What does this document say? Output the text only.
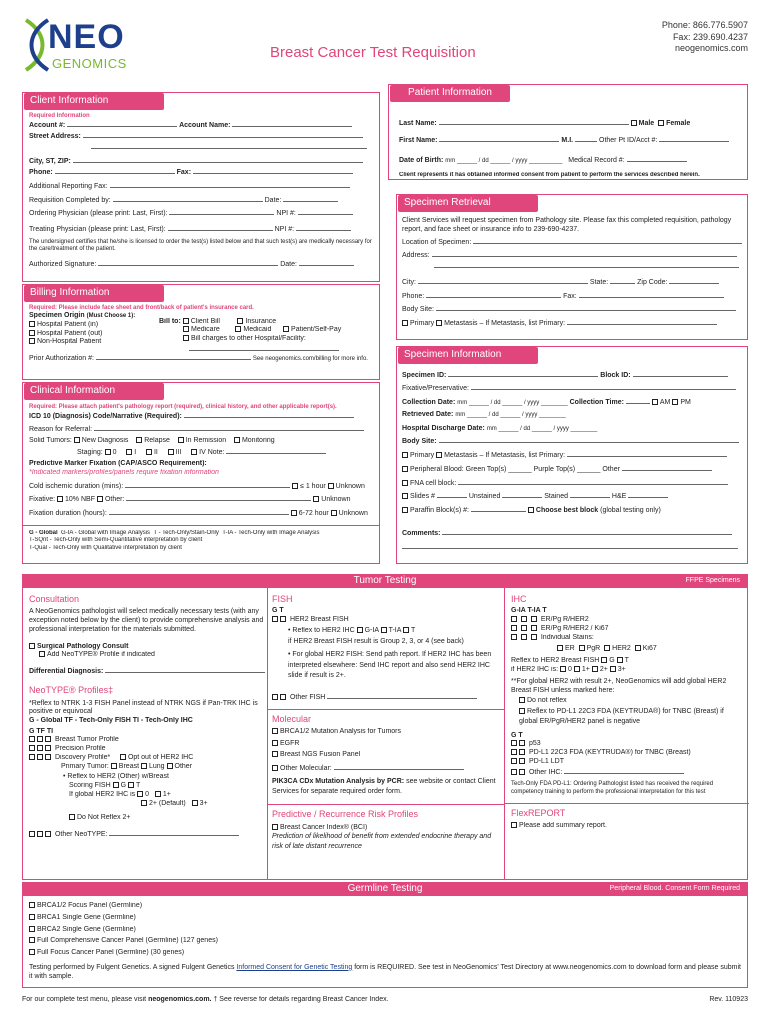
NEO
GENOMICS
Breast Cancer Test Requisition
Phone: 866.776.5907
Fax: 239.690.4237
neogenomics.com
Patient Information
Last Name:	Male Female
First Name:	M.I.	Other Pt ID/Acct #:
Date of Birth: mm ______ / dd ______ / yyyy __________ Medical Record #:
Client represents it has obtained informed consent from patient to perform the services described herein.
Client Information
Required Information
Account #:	Account Name:
Street Address:
City, ST, ZIP:
Phone:	Fax:
Additional Reporting Fax:
Requisition Completed by:	Date:
Ordering Physician (please print: Last, First):	NPI #:
Treating Physician (please print: Last, First):	NPI #:
The undersigned certifies that he/she is licensed to order the test(s) listed below and that such test(s) are medically necessary for the care/treatment of the patient.
Authorized Signature:	Date:
Specimen Retrieval
Client Services will request specimen from Pathology site. Please fax this completed requisition, pathology report, and face sheet or insurance info to 239-690-4237.
Location of Specimen:
Address:
City:	State:	Zip Code:
Phone:	Fax:
Body Site:
Primary Metastasis – If Metastasis, list Primary:
Billing Information
Required: Please include face sheet and front/back of patient's insurance card.
Specimen Origin (Must Choose 1):
Hospital Patient (in)
Hospital Patient (out)
Non-Hospital Patient
Bill to: Client Bill	Insurance
Medicare	Medicaid	Patient/Self-Pay
Bill charges to other Hospital/Facility:
Prior Authorization #:	See neogenomics.com/billing for more info.	Specimen Information
Specimen ID:	Block ID:
Fixative/Preservative:
Collection Date: mm ______ / dd ______ / yyyy ________ Collection Time:	AM PM
Retrieved Date: mm ______ / dd ______ / yyyy ________
Hospital Discharge Date: mm ______ / dd ______ / yyyy ________
Body Site:
Primary Metastasis – If Metastasis, list Primary:
Peripheral Blood: Green Top(s) ______ Purple Top(s) ______ Other
FNA cell block:
Slides #	Unstained	Stained	H&E
Paraffin Block(s) #:	Choose best block (global testing only)
Comments:
Clinical Information
Required: Please attach patient's pathology report (required), clinical history, and other applicable report(s).
ICD 10 (Diagnosis) Code/Narrative (Required):
Reason for Referral:
Solid Tumors: New Diagnosis Relapse In Remission Monitoring
Staging: 0	I	II	III	IV Note:
Predictive Marker Fixation (CAP/ASCO Requirement):
*Indicated markers/profiles/panels require fixation information
Cold ischemic duration (mins):	≤ 1 hour Unknown
Fixative: 10% NBF Other:	Unknown
Fixation duration (hours):	6-72 hour Unknown
G - Global G-IA - Global with Image Analysis T - Tech-Only/Stain-Only T-IA - Tech-Only with Image Analysis
T-SQnt - Tech-Only with Semi-Quantitative interpretation by client
T-Qual - Tech-Only with Qualitative interpretation by client
Tumor Testing	FFPE Specimens
Consultation
A NeoGenomics pathologist will select medically necessary tests (with any exception noted below by the client) to provide comprehensive analysis and professional interpretation for the materials submitted.
Surgical Pathology Consult
Add NeoTYPE® Profile if indicated
Differential Diagnosis:
NeoTYPE® Profiles‡
*Reflex to NTRK 1-3 FISH Panel instead of NTRK NGS if Pan-TRK IHC is positive or equivocal
G - Global TF - Tech-Only FISH TI - Tech-Only IHC
G TF TI
Breast Tumor Profile
Precision Profile
Discovery Profile*	Opt out of HER2 IHC
Primary Tumor: Breast Lung Other
• Reflex to HER2 (Other) w/Breast
Scoring FISH G T
If global HER2 IHC is 0 1+
2+ (Default) 3+
Do Not Reflex 2+
Other NeoTYPE:
FISH
G T
HER2 Breast FISH
• Reflex to HER2 IHC G-IA T-IA T
if HER2 Breast FISH result is Group 2, 3, or 4 (see back)
• For global HER2 FISH: Send path report. If HER2 IHC has been interpreted elsewhere: Send IHC report and also send HER2 IHC slide if result is 2+.
Other FISH
Molecular
BRCA1/2 Mutation Analysis for Tumors
EGFR
Breast NGS Fusion Panel
Other Molecular:
PIK3CA CDx Mutation Analysis by PCR: see website or contact Client Services for separate required order form.
Predictive / Recurrence Risk Profiles
Breast Cancer Index® (BCI)
Prediction of likelihood of benefit from extended endocrine therapy and risk of late distant recurrence
IHC
G-IA T-IA T
ER/Pg R/HER2
ER/Pg R/HER2 / Ki67
Individual Stains:
ER PgR HER2 Ki67
Reflex to HER2 Breast FISH G T
if HER2 IHC is: 0 1+ 2+ 3+
**For global HER2 with result 2+, NeoGenomics will add global HER2 Breast FISH unless marked here:
Do not reflex
Reflex to PD-L1 22C3 FDA (KEYTRUDA®) for TNBC (Breast) if global ER/PgR/HER2 panel is negative
G T
p53
PD-L1 22C3 FDA (KEYTRUDA®) for TNBC (Breast)
PD-L1 LDT
Other IHC:
Tech-Only FDA PD-L1: Ordering Pathologist listed has received the required competency training to perform the professional interpretation for this test
FlexREPORT
Please add summary report.
Germline Testing	Peripheral Blood. Consent Form Required
BRCA1/2 Focus Panel (Germline)
BRCA1 Single Gene (Germline)
BRCA2 Single Gene (Germline)
Full Comprehensive Cancer Panel (Germline) (127 genes)
Full Focus Cancer Panel (Germline) (30 genes)
Testing performed by Fulgent Genetics. A signed Fulgent Genetics Informed Consent for Genetic Testing form is REQUIRED. See test in NeoGenomics' Test Directory at www.neogenomics.com to download form and please submit it with sample.
For our complete test menu, please visit neogenomics.com. † See reverse for details regarding Breast Cancer Index.	Rev. 110923
